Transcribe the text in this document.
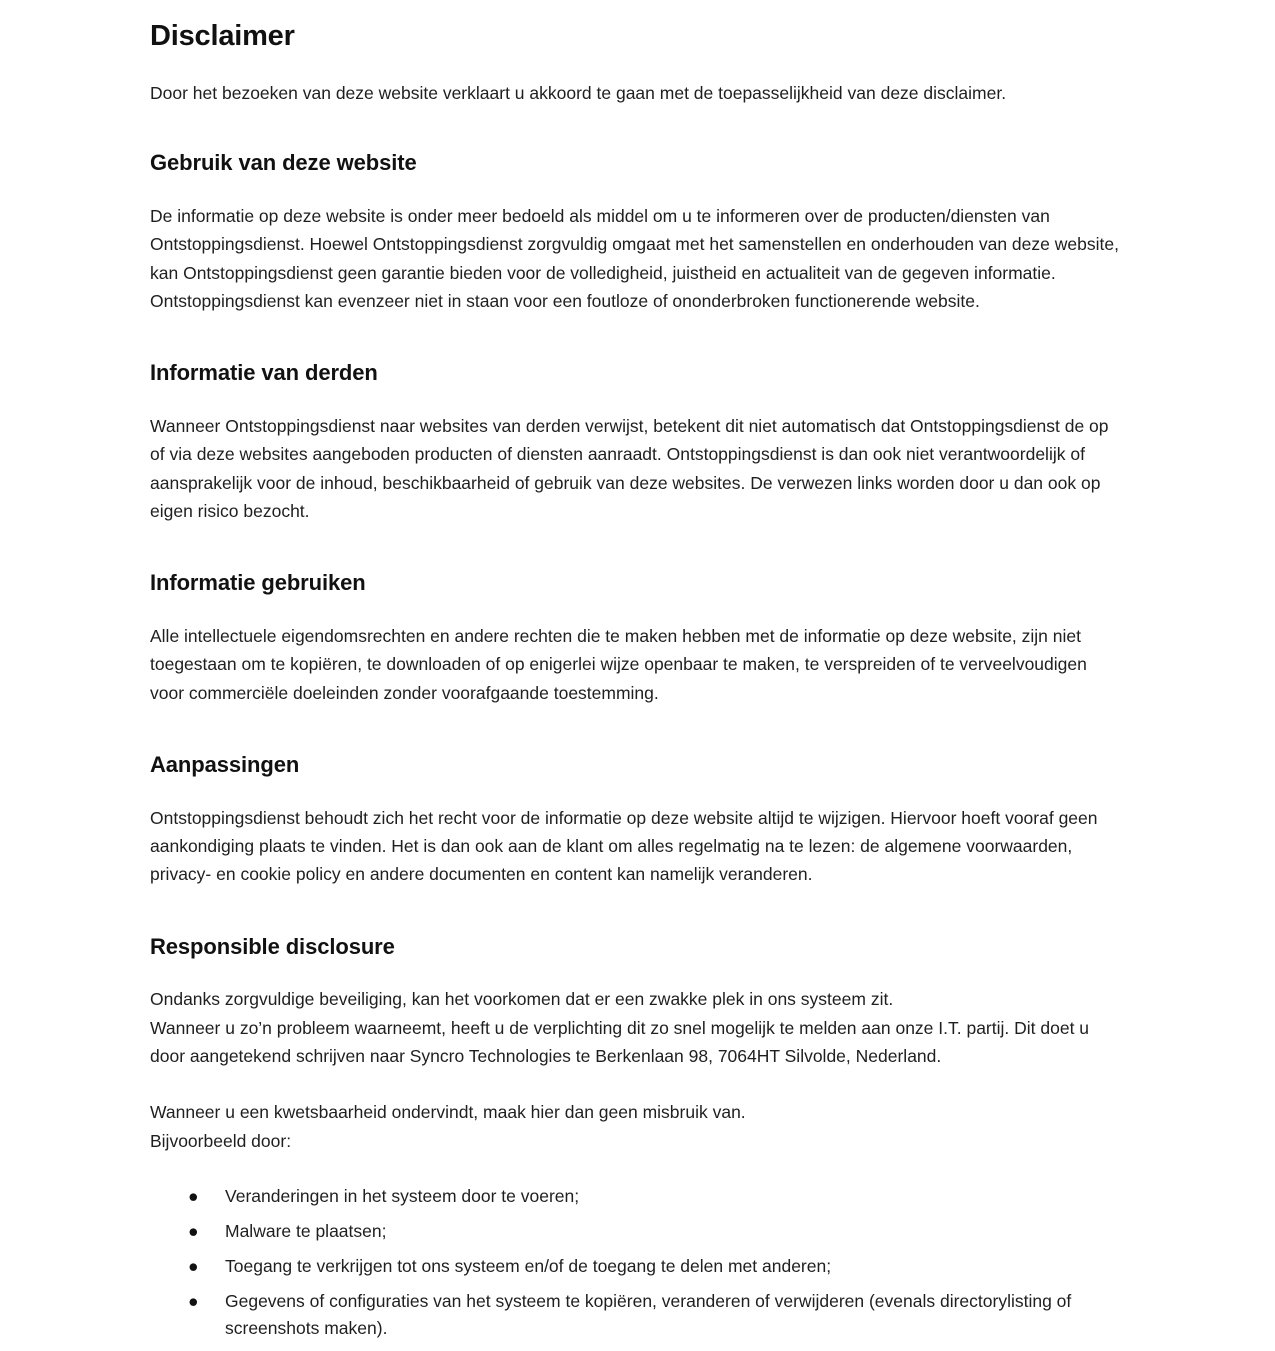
Disclaimer

Door het bezoeken van deze website verklaart u akkoord te gaan met de toepasselijkheid van deze disclaimer.

Gebruik van deze website

De informatie op deze website is onder meer bedoeld als middel om u te informeren over de producten/diensten van Ontstoppingsdienst. Hoewel Ontstoppingsdienst zorgvuldig omgaat met het samenstellen en onderhouden van deze website, kan Ontstoppingsdienst geen garantie bieden voor de volledigheid, juistheid en actualiteit van de gegeven informatie. Ontstoppingsdienst kan evenzeer niet in staan voor een foutloze of ononderbroken functionerende website.

Informatie van derden

Wanneer Ontstoppingsdienst naar websites van derden verwijst, betekent dit niet automatisch dat Ontstoppingsdienst de op of via deze websites aangeboden producten of diensten aanraadt. Ontstoppingsdienst is dan ook niet verantwoordelijk of aansprakelijk voor de inhoud, beschikbaarheid of gebruik van deze websites. De verwezen links worden door u dan ook op eigen risico bezocht.

Informatie gebruiken

Alle intellectuele eigendomsrechten en andere rechten die te maken hebben met de informatie op deze website, zijn niet toegestaan om te kopiëren, te downloaden of op enigerlei wijze openbaar te maken, te verspreiden of te verveelvoudigen voor commerciële doeleinden zonder voorafgaande toestemming.

Aanpassingen

Ontstoppingsdienst behoudt zich het recht voor de informatie op deze website altijd te wijzigen. Hiervoor hoeft vooraf geen aankondiging plaats te vinden. Het is dan ook aan de klant om alles regelmatig na te lezen: de algemene voorwaarden, privacy- en cookie policy en andere documenten en content kan namelijk veranderen.

Responsible disclosure
Ondanks zorgvuldige beveiliging, kan het voorkomen dat er een zwakke plek in ons systeem zit.
Wanneer u zo’n probleem waarneemt, heeft u de verplichting dit zo snel mogelijk te melden aan onze I.T. partij. Dit doet u door aangetekend schrijven naar Syncro Technologies te Berkenlaan 98, 7064HT Silvolde, Nederland.
Wanneer u een kwetsbaarheid ondervindt, maak hier dan geen misbruik van.
Bijvoorbeeld door:
● Veranderingen in het systeem door te voeren;
● Malware te plaatsen;
● Toegang te verkrijgen tot ons systeem en/of de toegang te delen met anderen;
● Gegevens of configuraties van het systeem te kopiëren, veranderen of verwijderen (evenals directorylisting of screenshots maken).
